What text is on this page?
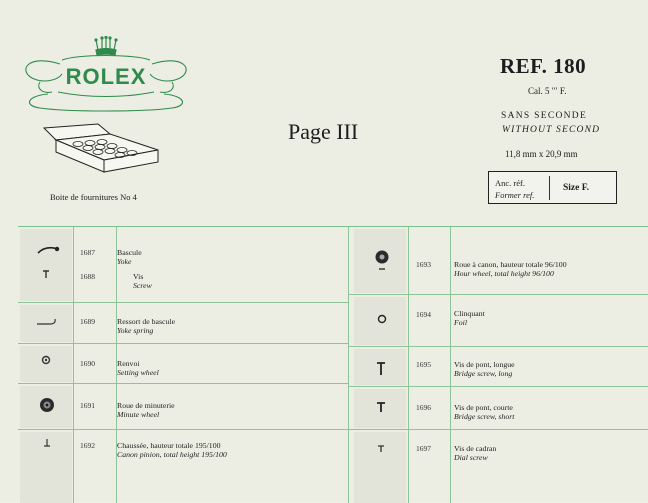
ROLEX
Boite de fournitures No 4
Page III
REF. 180
Cal. 5 ′′′ F.
SANS SECONDE
WITHOUT SECOND
11,8 mm x 20,9 mm
Anc. réf.
Former ref.
Size F.
1687	Bascule
Yoke
1688	Vis
Screw
1689	Ressort de bascule
Yoke spring
1690	Renvoi
Setting wheel
1691	Roue de minuterie
Minute wheel
1692	Chaussée, hauteur totale 195/100
Canon pinion, total height 195/100
1693	Roue à canon, hauteur totale 96/100
Hour wheel, total height 96/100
1694	Clinquant
Foil
1695	Vis de pont, longue
Bridge screw, long
1696	Vis de pont, courte
Bridge screw, short
1697	Vis de cadran
Dial screw
